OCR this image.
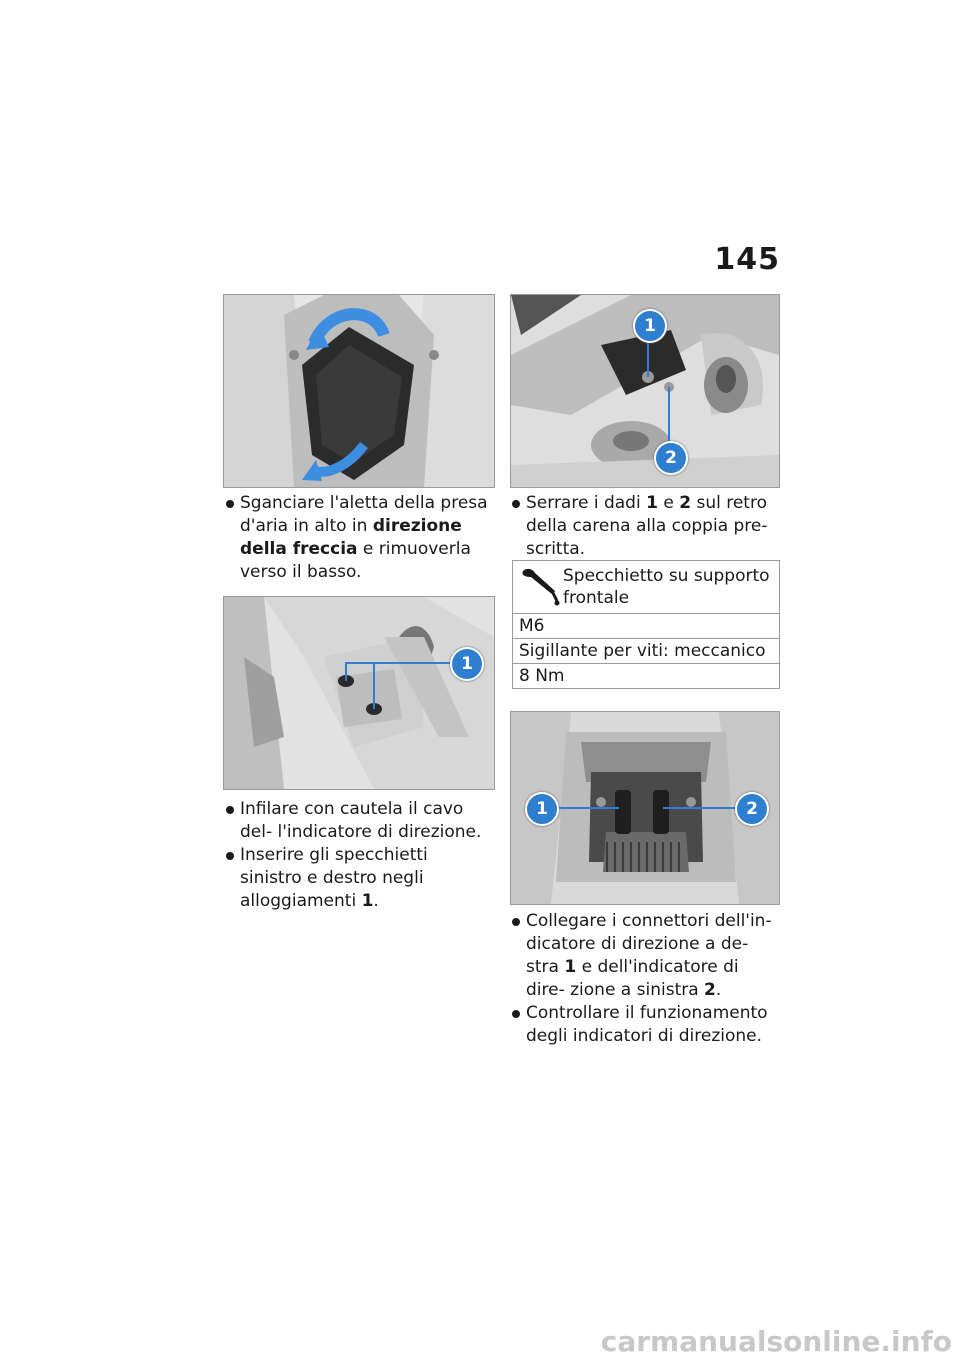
145
Sganciare l'aletta della presa d'aria in alto in direzione della freccia e rimuoverla verso il basso.
1
Infilare con cautela il cavo del- l'indicatore di direzione.
Inserire gli specchietti sinistro e destro negli alloggiamenti 1.
1
2
Serrare i dadi 1 e 2 sul retro della carena alla coppia pre- scritta.
Specchietto su supporto frontale
M6
Sigillante per viti: meccanico
8 Nm
1	2
Collegare i connettori dell'in- dicatore di direzione a de- stra 1 e dell'indicatore di dire- zione a sinistra 2.
Controllare il funzionamento degli indicatori di direzione.
carmanualsonline.info
